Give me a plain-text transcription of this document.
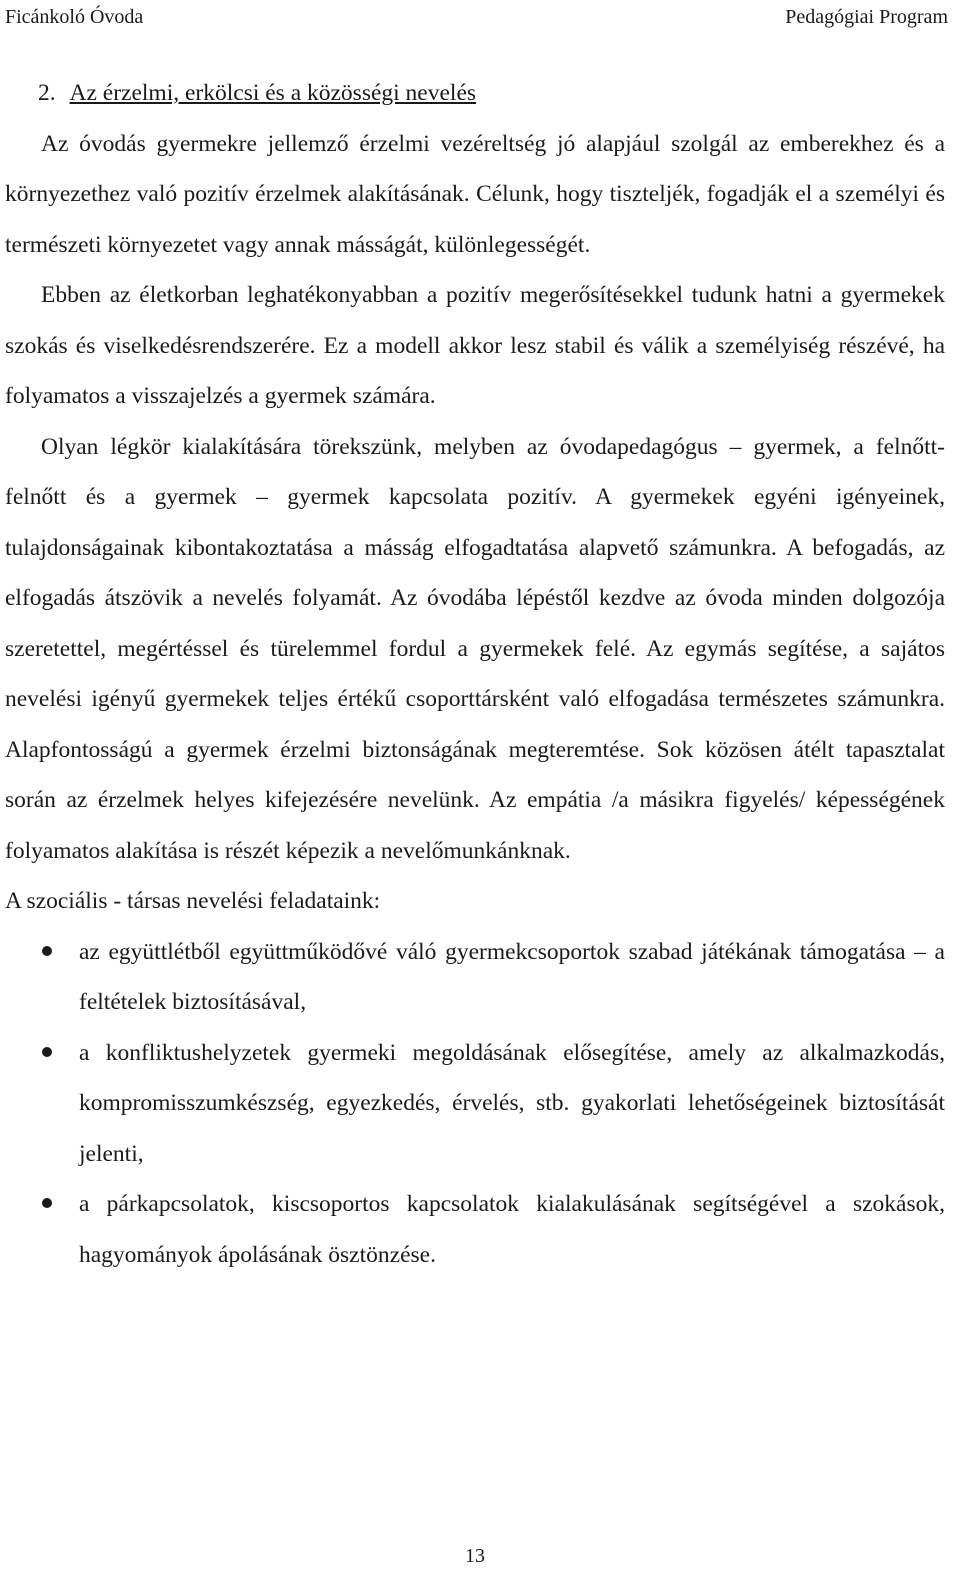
Ficánkoló Óvoda	Pedagógiai Program
2. Az érzelmi, erkölcsi és a közösségi nevelés

Az óvodás gyermekre jellemző érzelmi vezéreltség jó alapjául szolgál az emberekhez és a környezethez való pozitív érzelmek alakításának. Célunk, hogy tiszteljék, fogadják el a személyi és természeti környezetet vagy annak másságát, különlegességét.

Ebben az életkorban leghatékonyabban a pozitív megerősítésekkel tudunk hatni a gyermekek szokás és viselkedésrendszerére. Ez a modell akkor lesz stabil és válik a személyiség részévé, ha folyamatos a visszajelzés a gyermek számára.

Olyan légkör kialakítására törekszünk, melyben az óvodapedagógus – gyermek, a felnőtt-felnőtt és a gyermek – gyermek kapcsolata pozitív. A gyermekek egyéni igényeinek, tulajdonságainak kibontakoztatása a másság elfogadtatása alapvető számunkra. A befogadás, az elfogadás átszövik a nevelés folyamát. Az óvodába lépéstől kezdve az óvoda minden dolgozója szeretettel, megértéssel és türelemmel fordul a gyermekek felé. Az egymás segítése, a sajátos nevelési igényű gyermekek teljes értékű csoporttársként való elfogadása természetes számunkra. Alapfontosságú a gyermek érzelmi biztonságának megteremtése. Sok közösen átélt tapasztalat során az érzelmek helyes kifejezésére nevelünk. Az empátia /a másikra figyelés/ képességének folyamatos alakítása is részét képezik a nevelőmunkánknak.

A szociális - társas nevelési feladataink:

az együttlétből együttműködővé váló gyermekcsoportok szabad játékának támogatása – a feltételek biztosításával,
a konfliktushelyzetek gyermeki megoldásának elősegítése, amely az alkalmazkodás, kompromisszumkészség, egyezkedés, érvelés, stb. gyakorlati lehetőségeinek biztosítását jelenti,
a párkapcsolatok, kiscsoportos kapcsolatok kialakulásának segítségével a szokások, hagyományok ápolásának ösztönzése.
13
